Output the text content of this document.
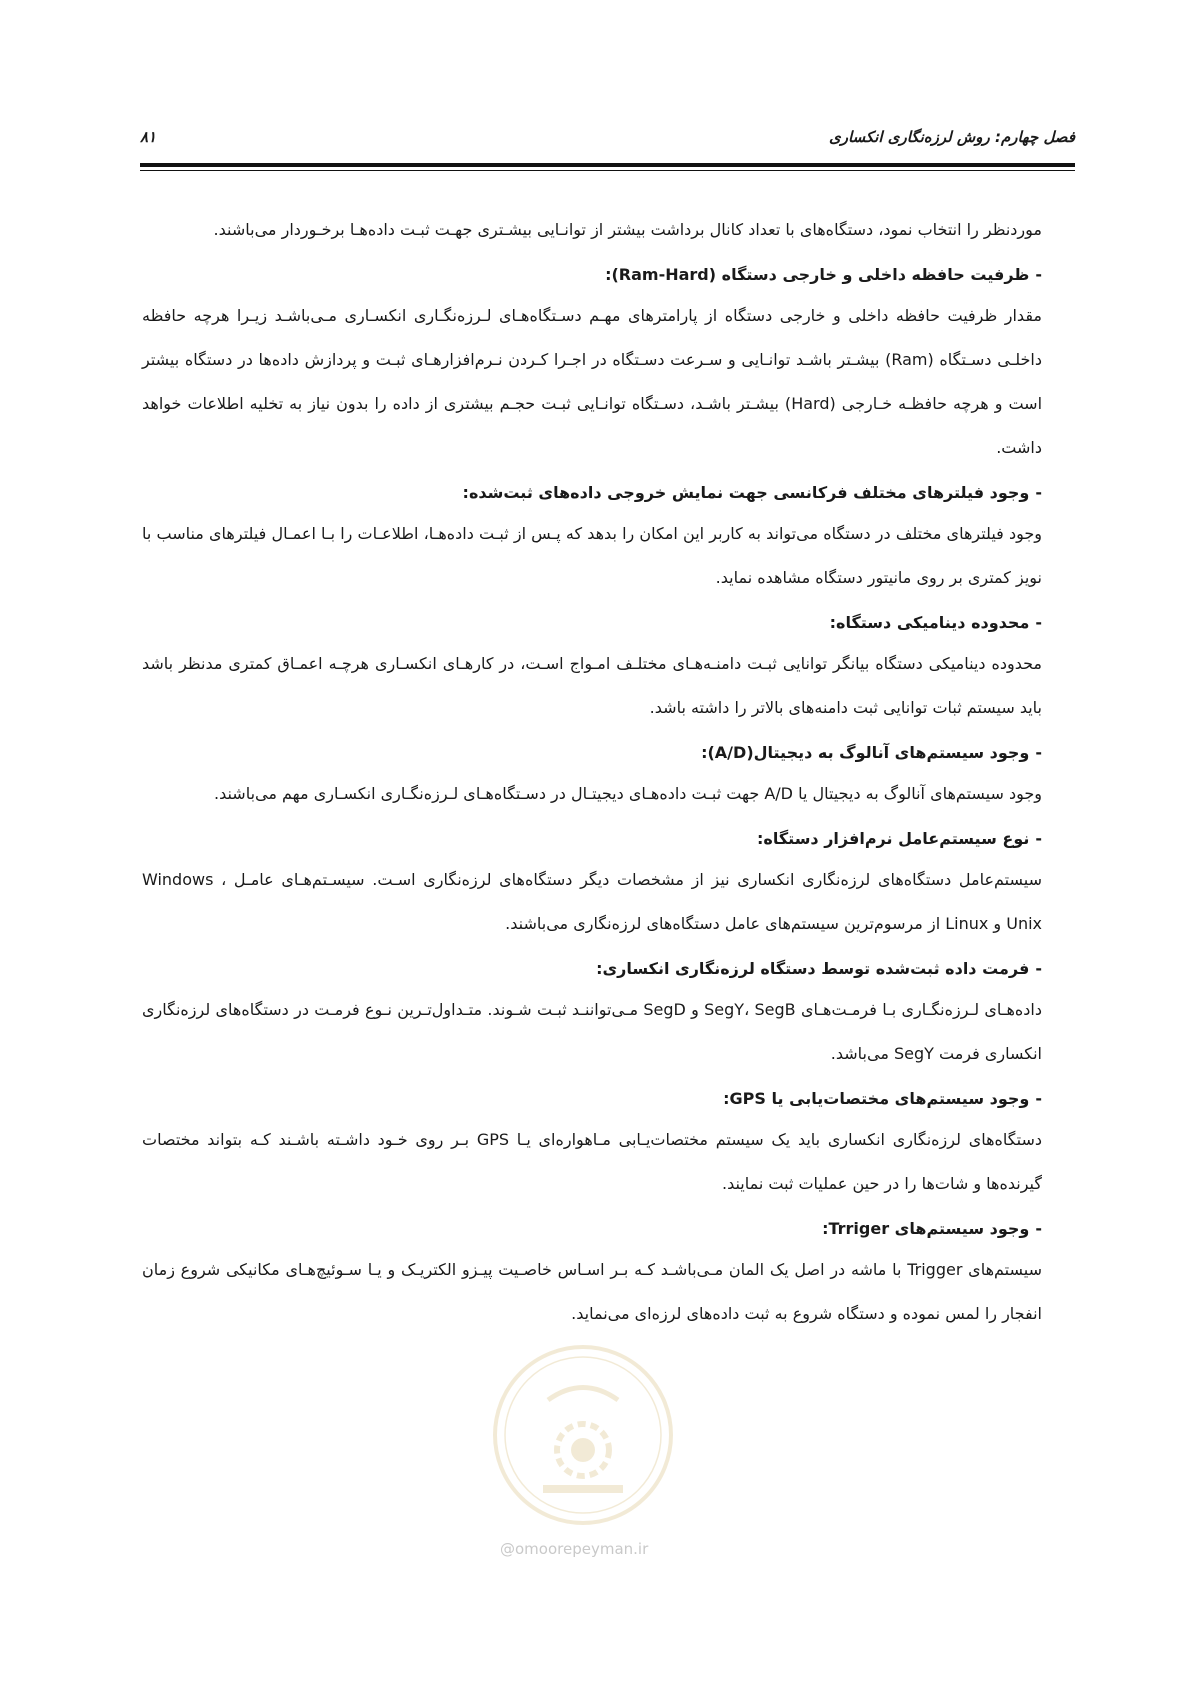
فصل چهارم: روش لرزه‌نگاری انکساری
۸۱

موردنظر را انتخاب نمود، دستگاه‌های با تعداد کانال برداشت بیشتر از توانـایی بیشـتری جهـت ثبـت داده‌هـا برخـوردار می‌باشند.

-ظرفیت حافظه داخلی و خارجی دستگاه (Ram-Hard):

مقدار ظرفیت حافظه داخلی و خارجی دستگاه از پارامترهای مهـم دسـتگاه‌هـای لـرزه‌نگـاری انکسـاری مـی‌باشـد زیـرا هرچه حافظه داخلـی دسـتگاه (Ram) بیشـتر باشـد توانـایی و سـرعت دسـتگاه در اجـرا کـردن نـرم‌افزارهـای ثبـت و پردازش داده‌ها در دستگاه بیشتر است و هرچه حافظـه خـارجی (Hard) بیشـتر باشـد، دسـتگاه توانـایی ثبـت حجـم بیشتری از داده را بدون نیاز به تخلیه اطلاعات خواهد داشت.

-وجود فیلترهای مختلف فرکانسی جهت نمایش خروجی داده‌های ثبت‌شده:

وجود فیلترهای مختلف در دستگاه می‌تواند به کاربر این امکان را بدهد که پـس از ثبـت داده‌هـا، اطلاعـات را بـا اعمـال فیلترهای مناسب با نویز کمتری بر روی مانیتور دستگاه مشاهده نماید.

-محدوده دینامیکی دستگاه:

محدوده دینامیکی دستگاه بیانگر توانایی ثبـت دامنـه‌هـای مختلـف امـواج اسـت، در کارهـای انکسـاری هرچـه اعمـاق کمتری مدنظر باشد باید سیستم ثبات توانایی ثبت دامنه‌های بالاتر را داشته باشد.

-وجود سیستم‌های آنالوگ به دیجیتال(A/D):

وجود سیستم‌های آنالوگ به دیجیتال یا A/D جهت ثبـت داده‌هـای دیجیتـال در دسـتگاه‌هـای لـرزه‌نگـاری انکسـاری مهم می‌باشند.

-نوع سیستم‌عامل نرم‌افزار دستگاه:

سیستم‌عامل دستگاه‌های لرزه‌نگاری انکساری نیز از مشخصات دیگر دستگاه‌های لرزه‌نگاری اسـت. سیسـتم‌هـای عامـل Windows ، Unix و Linux از مرسوم‌ترین سیستم‌های عامل دستگاه‌های لرزه‌نگاری می‌باشند.

-فرمت داده ثبت‌شده توسط دستگاه لرزه‌نگاری انکساری:

داده‌هـای لـرزه‌نگـاری بـا فرمـت‌هـای SegY، SegB و SegD مـی‌تواننـد ثبـت شـوند. متـداول‌تـرین نـوع فرمـت در دستگاه‌های لرزه‌نگاری انکساری فرمت SegY می‌باشد.

-وجود سیستم‌های مختصات‌یابی یا GPS:

دستگاه‌های لرزه‌نگاری انکساری باید یک سیستم مختصات‌یـابی مـاهواره‌ای یـا GPS بـر روی خـود داشـته باشـند کـه بتواند مختصات گیرنده‌ها و شات‌ها را در حین عملیات ثبت نمایند.

-وجود سیستم‌های Trriger:

سیستم‌های Trigger با ماشه در اصل یک المان مـی‌باشـد کـه بـر اسـاس خاصـیت پیـزو الکتریـک و یـا سـوئیچ‌هـای مکانیکی شروع زمان انفجار را لمس نموده و دستگاه شروع به ثبت داده‌های لرزه‌ای می‌نماید.

@omoorepeyman.ir
